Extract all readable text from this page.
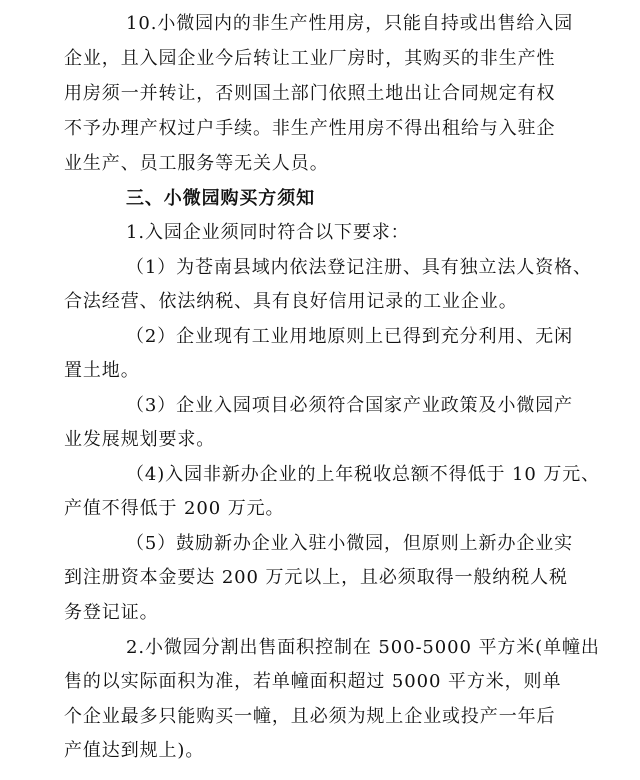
10.小微园内的非生产性用房，只能自持或出售给入园
企业，且入园企业今后转让工业厂房时，其购买的非生产性
用房须一并转让，否则国土部门依照土地出让合同规定有权
不予办理产权过户手续。非生产性用房不得出租给与入驻企
业生产、员工服务等无关人员。
三、小微园购买方须知
1.入园企业须同时符合以下要求：
（1）为苍南县域内依法登记注册、具有独立法人资格、
合法经营、依法纳税、具有良好信用记录的工业企业。
（2）企业现有工业用地原则上已得到充分利用、无闲
置土地。
（3）企业入园项目必须符合国家产业政策及小微园产
业发展规划要求。
（4)入园非新办企业的上年税收总额不得低于 10 万元、
产值不得低于 200 万元。
（5）鼓励新办企业入驻小微园，但原则上新办企业实
到注册资本金要达 200 万元以上，且必须取得一般纳税人税
务登记证。
2.小微园分割出售面积控制在 500-5000 平方米(单幢出
售的以实际面积为准，若单幢面积超过 5000 平方米，则单
个企业最多只能购买一幢，且必须为规上企业或投产一年后
产值达到规上)。
